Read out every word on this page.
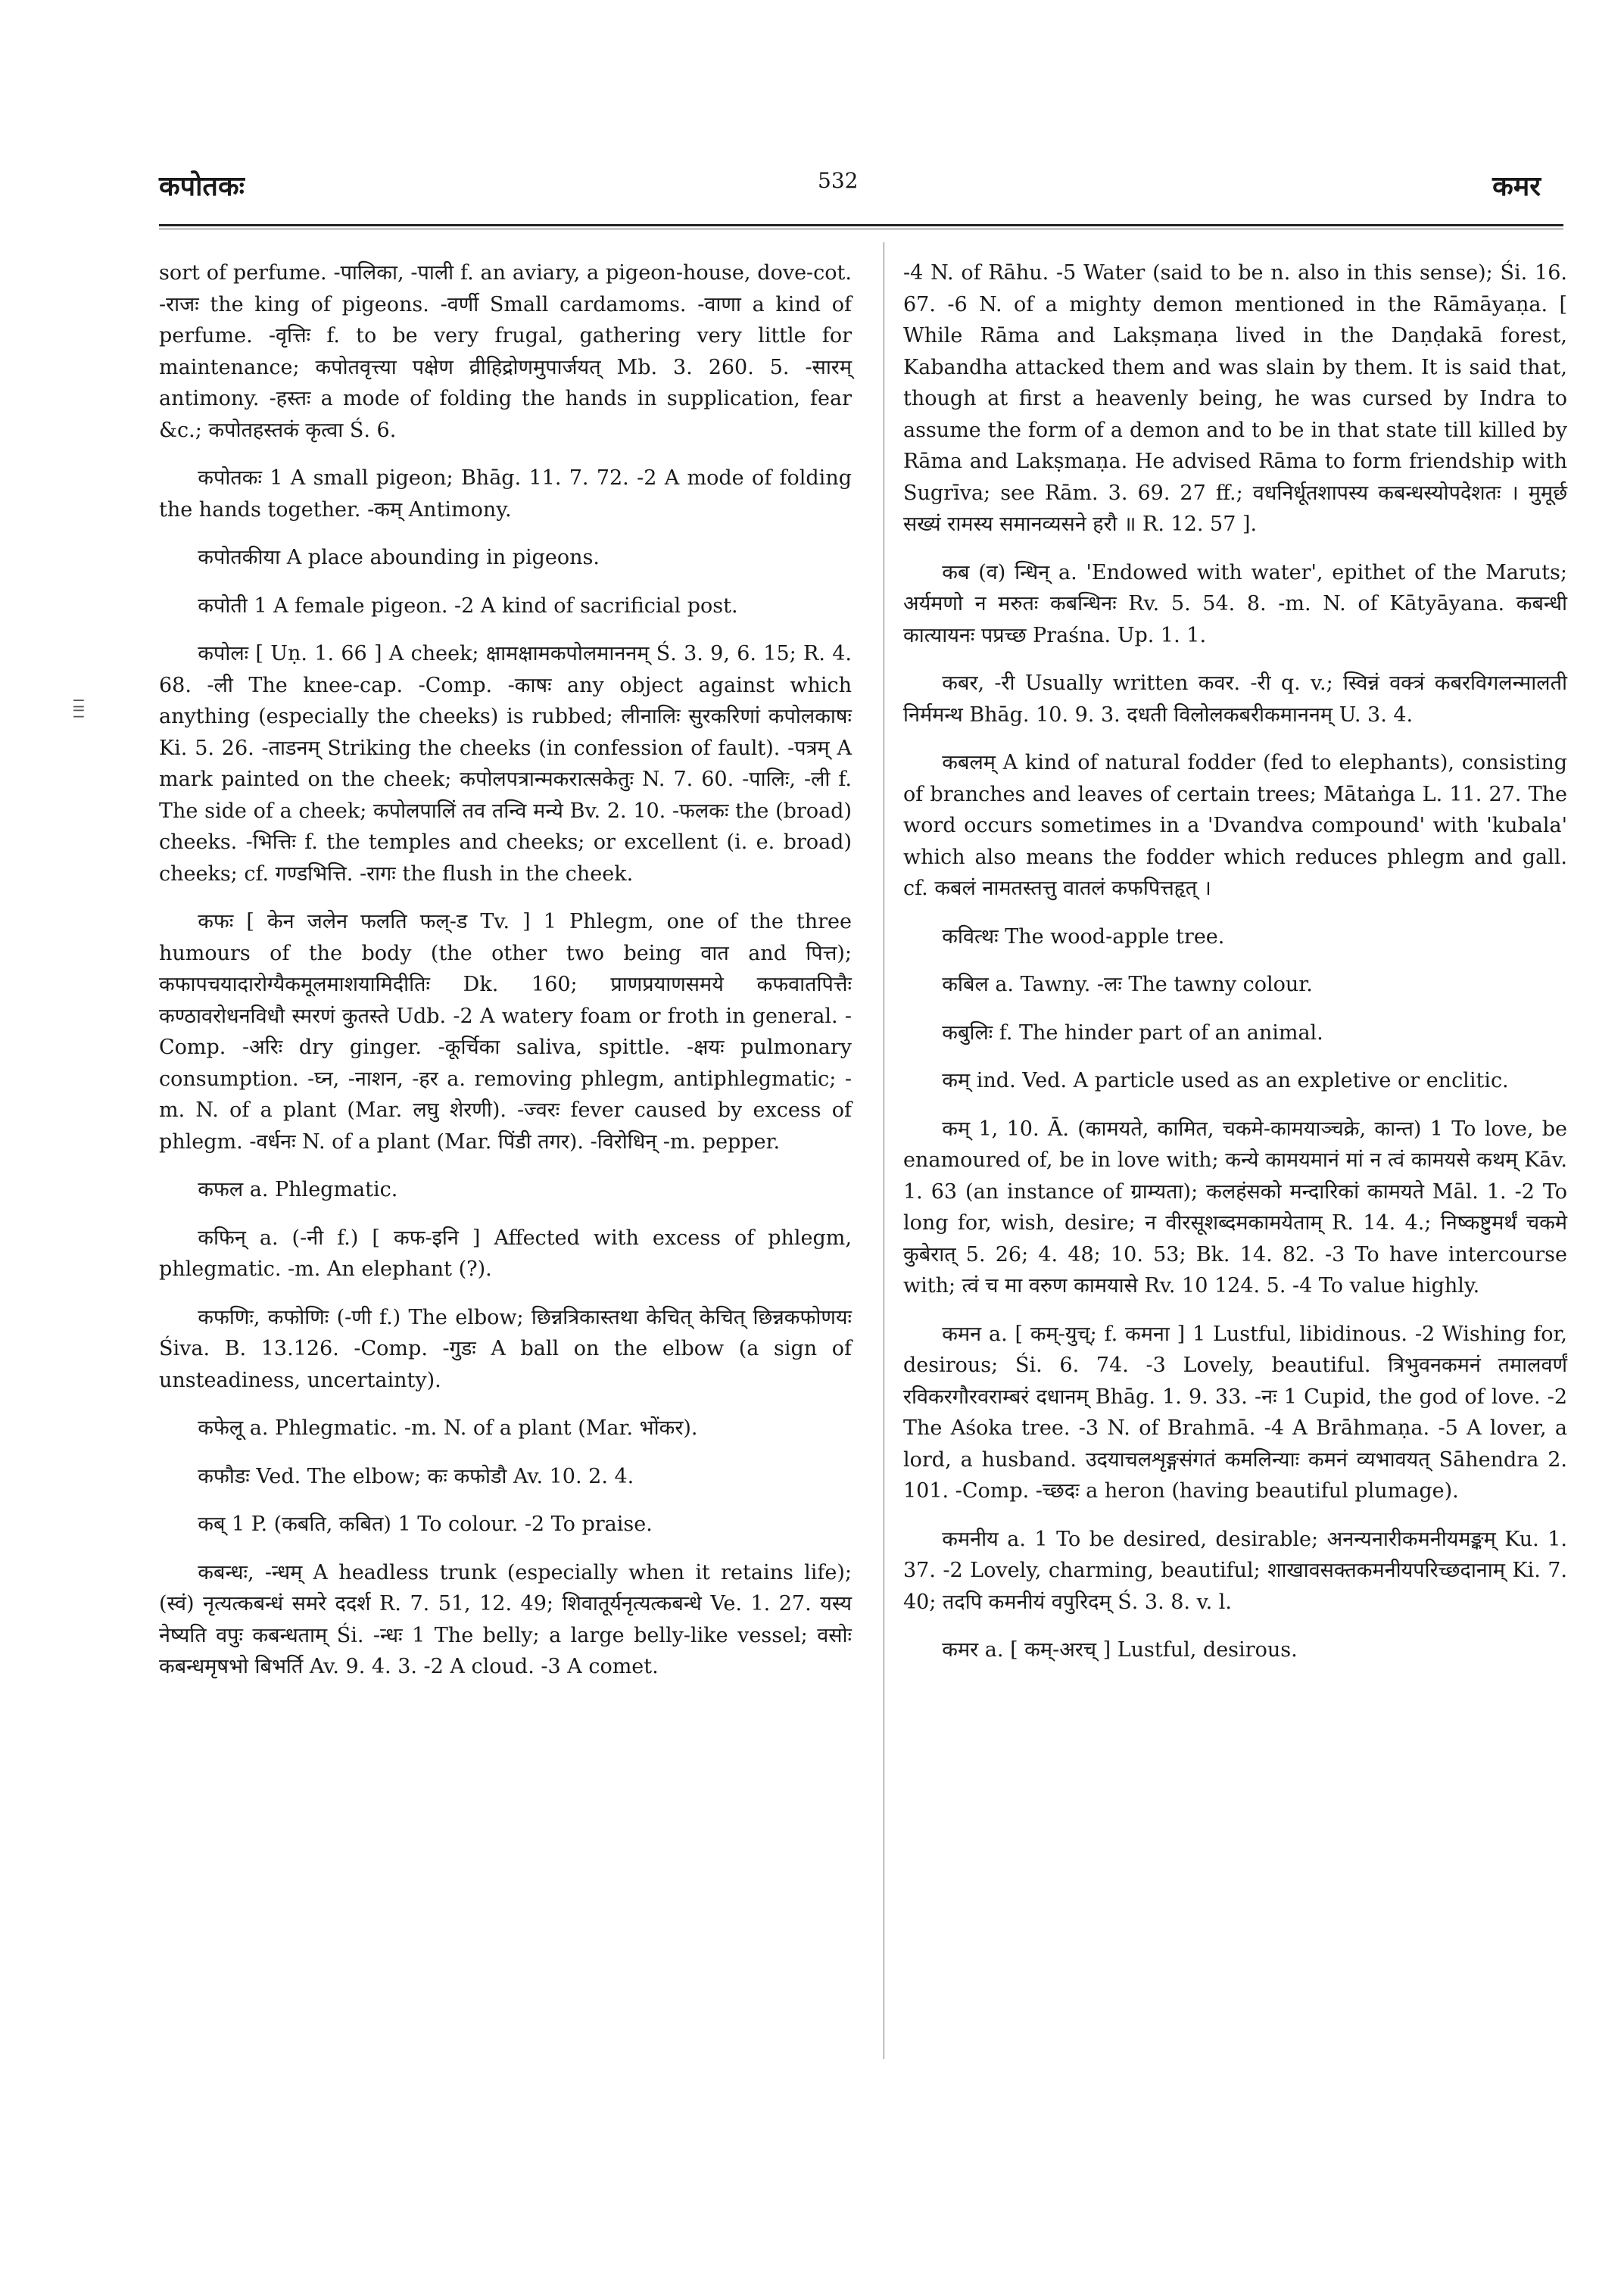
कपोतकः	532	कमर
।॥।

sort of perfume. -पालिका, -पाली f. an aviary, a pigeon-house, dove-cot. -राजः the king of pigeons. -वर्णी Small cardamoms. -वाणा a kind of perfume. -वृत्तिः f. to be very frugal, gathering very little for maintenance; कपोतवृत्त्या पक्षेण व्रीहिद्रोणमुपार्जयत् Mb. 3. 260. 5. -सारम् antimony. -हस्तः a mode of folding the hands in supplication, fear &c.; कपोतहस्तकं कृत्वा Ś. 6.

कपोतकः 1 A small pigeon; Bhāg. 11. 7. 72. -2 A mode of folding the hands together. -कम् Antimony.

कपोतकीया A place abounding in pigeons.

कपोती 1 A female pigeon. -2 A kind of sacrificial post.

कपोलः [ Uṇ. 1. 66 ] A cheek; क्षामक्षामकपोलमाननम् Ś. 3. 9, 6. 15; R. 4. 68. -ली The knee-cap. -Comp. -काषः any object against which anything (especially the cheeks) is rubbed; लीनालिः सुरकरिणां कपोलकाषः Ki. 5. 26. -ताडनम् Striking the cheeks (in confession of fault). -पत्रम् A mark painted on the cheek; कपोलपत्रान्मकरात्सकेतुः N. 7. 60. -पालिः, -ली f. The side of a cheek; कपोलपालिं तव तन्वि मन्ये Bv. 2. 10. -फलकः the (broad) cheeks. -भित्तिः f. the temples and cheeks; or excellent (i. e. broad) cheeks; cf. गण्डभित्ति. -रागः the flush in the cheek.

कफः [ केन जलेन फलति फल्-ड Tv. ] 1 Phlegm, one of the three humours of the body (the other two being वात and पित्त); कफापचयादारोग्यैकमूलमाशयामिदीतिः Dk. 160; प्राणप्रयाणसमये कफवातपित्तैः कण्ठावरोधनविधौ स्मरणं कुतस्ते Udb. -2 A watery foam or froth in general. -Comp. -अरिः dry ginger. -कूर्चिका saliva, spittle. -क्षयः pulmonary consumption. -घ्न, -नाशन, -हर a. removing phlegm, antiphlegmatic; -m. N. of a plant (Mar. लघु शेरणी). -ज्वरः fever caused by excess of phlegm. -वर्धनः N. of a plant (Mar. पिंडी तगर). -विरोधिन् -m. pepper.

कफल a. Phlegmatic.

कफिन् a. (-नी f.) [ कफ-इनि ] Affected with excess of phlegm, phlegmatic. -m. An elephant (?).

कफणिः, कफोणिः (-णी f.) The elbow; छिन्नत्रिकास्तथा केचित् केचित् छिन्नकफोणयः Śiva. B. 13.126. -Comp. -गुडः A ball on the elbow (a sign of unsteadiness, uncertainty).

कफेलू a. Phlegmatic. -m. N. of a plant (Mar. भोंकर).

कफौडः Ved. The elbow; कः कफोडौ Av. 10. 2. 4.

कब् 1 P. (कबति, कबित) 1 To colour. -2 To praise.

कबन्धः, -न्धम् A headless trunk (especially when it retains life); (स्वं) नृत्यत्कबन्धं समरे ददर्श R. 7. 51, 12. 49; शिवातूर्यनृत्यत्कबन्धे Ve. 1. 27. यस्य नेष्यति वपुः कबन्धताम् Śi. -न्धः 1 The belly; a large belly-like vessel; वसोः कबन्धमृषभो बिभर्ति Av. 9. 4. 3. -2 A cloud. -3 A comet.

-4 N. of Rāhu. -5 Water (said to be n. also in this sense); Śi. 16. 67. -6 N. of a mighty demon mentioned in the Rāmāyaṇa. [ While Rāma and Lakṣmaṇa lived in the Daṇḍakā forest, Kabandha attacked them and was slain by them. It is said that, though at first a heavenly being, he was cursed by Indra to assume the form of a demon and to be in that state till killed by Rāma and Lakṣmaṇa. He advised Rāma to form friendship with Sugrīva; see Rām. 3. 69. 27 ff.; वधनिर्धूतशापस्य कबन्धस्योपदेशतः । मुमूर्छ सख्यं रामस्य समानव्यसने हरौ ॥ R. 12. 57 ].

कब (व) न्धिन् a. 'Endowed with water', epithet of the Maruts; अर्यमणो न मरुतः कबन्धिनः Rv. 5. 54. 8. -m. N. of Kātyāyana. कबन्धी कात्यायनः पप्रच्छ Praśna. Up. 1. 1.

कबर, -री Usually written कवर. -री q. v.; स्विन्नं वक्त्रं कबरविगलन्मालती निर्ममन्थ Bhāg. 10. 9. 3. दधती विलोलकबरीकमाननम् U. 3. 4.

कबलम् A kind of natural fodder (fed to elephants), consisting of branches and leaves of certain trees; Mātaṅga L. 11. 27. The word occurs sometimes in a 'Dvandva compound' with 'kubala' which also means the fodder which reduces phlegm and gall. cf. कबलं नामतस्तत्तु वातलं कफपित्तहृत् ।

कवित्थः The wood-apple tree.

कबिल a. Tawny. -लः The tawny colour.

कबुलिः f. The hinder part of an animal.

कम् ind. Ved. A particle used as an expletive or enclitic.

कम् 1, 10. Ā. (कामयते, कामित, चकमे-कामयाञ्चक्रे, कान्त) 1 To love, be enamoured of, be in love with; कन्ये कामयमानं मां न त्वं कामयसे कथम् Kāv. 1. 63 (an instance of ग्राम्यता); कलहंसको मन्दारिकां कामयते Māl. 1. -2 To long for, wish, desire; न वीरसूशब्दमकामयेताम् R. 14. 4.; निष्कष्टुमर्थं चकमे कुबेरात् 5. 26; 4. 48; 10. 53; Bk. 14. 82. -3 To have intercourse with; त्वं च मा वरुण कामयासे Rv. 10 124. 5. -4 To value highly.

कमन a. [ कम्-युच्; f. कमना ] 1 Lustful, libidinous. -2 Wishing for, desirous; Śi. 6. 74. -3 Lovely, beautiful. त्रिभुवनकमनं तमालवर्णं रविकरगौरवराम्बरं दधानम् Bhāg. 1. 9. 33. -नः 1 Cupid, the god of love. -2 The Aśoka tree. -3 N. of Brahmā. -4 A Brāhmaṇa. -5 A lover, a lord, a husband. उदयाचलशृङ्गसंगतं कमलिन्याः कमनं व्यभावयत् Sāhendra 2. 101. -Comp. -च्छदः a heron (having beautiful plumage).

कमनीय a. 1 To be desired, desirable; अनन्यनारीकमनीयमङ्कम् Ku. 1. 37. -2 Lovely, charming, beautiful; शाखावसक्तकमनीयपरिच्छदानाम् Ki. 7. 40; तदपि कमनीयं वपुरिदम् Ś. 3. 8. v. l.

कमर a. [ कम्-अरच् ] Lustful, desirous.
